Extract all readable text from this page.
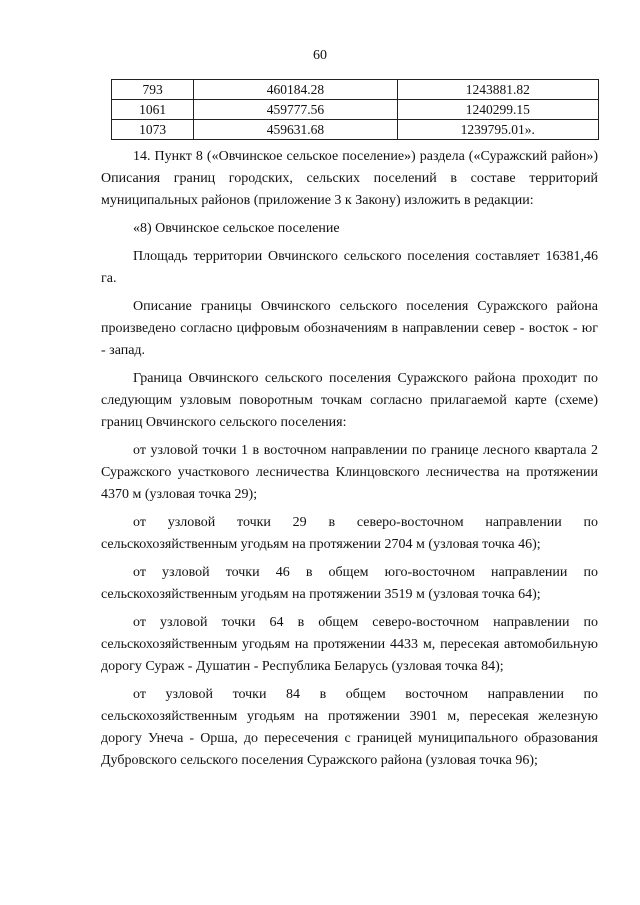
60
793	460184.28	1243881.82
1061	459777.56	1240299.15
1073	459631.68	1239795.01».

14. Пункт 8 («Овчинское сельское поселение») раздела («Суражский район») Описания границ городских, сельских поселений в составе территорий муниципальных районов (приложение 3 к Закону) изложить в редакции:

«8) Овчинское сельское поселение

Площадь территории Овчинского сельского поселения составляет 16381,46 га.

Описание границы Овчинского сельского поселения Суражского района произведено согласно цифровым обозначениям в направлении север - восток - юг - запад.

Граница Овчинского сельского поселения Суражского района проходит по следующим узловым поворотным точкам согласно прилагаемой карте (схеме) границ Овчинского сельского поселения:

от узловой точки 1 в восточном направлении по границе лесного квартала 2 Суражского участкового лесничества Клинцовского лесничества на протяжении 4370 м (узловая точка 29);

от узловой точки 29 в северо-восточном направлении по сельскохозяйственным угодьям на протяжении 2704 м (узловая точка 46);

от узловой точки 46 в общем юго-восточном направлении по сельскохозяйственным угодьям на протяжении 3519 м (узловая точка 64);

от узловой точки 64 в общем северо-восточном направлении по сельскохозяйственным угодьям на протяжении 4433 м, пересекая автомобильную дорогу Сураж - Душатин - Республика Беларусь (узловая точка 84);

от узловой точки 84 в общем восточном направлении по сельскохозяйственным угодьям на протяжении 3901 м, пересекая железную дорогу Унеча - Орша, до пересечения с границей муниципального образования Дубровского сельского поселения Суражского района (узловая точка 96);
